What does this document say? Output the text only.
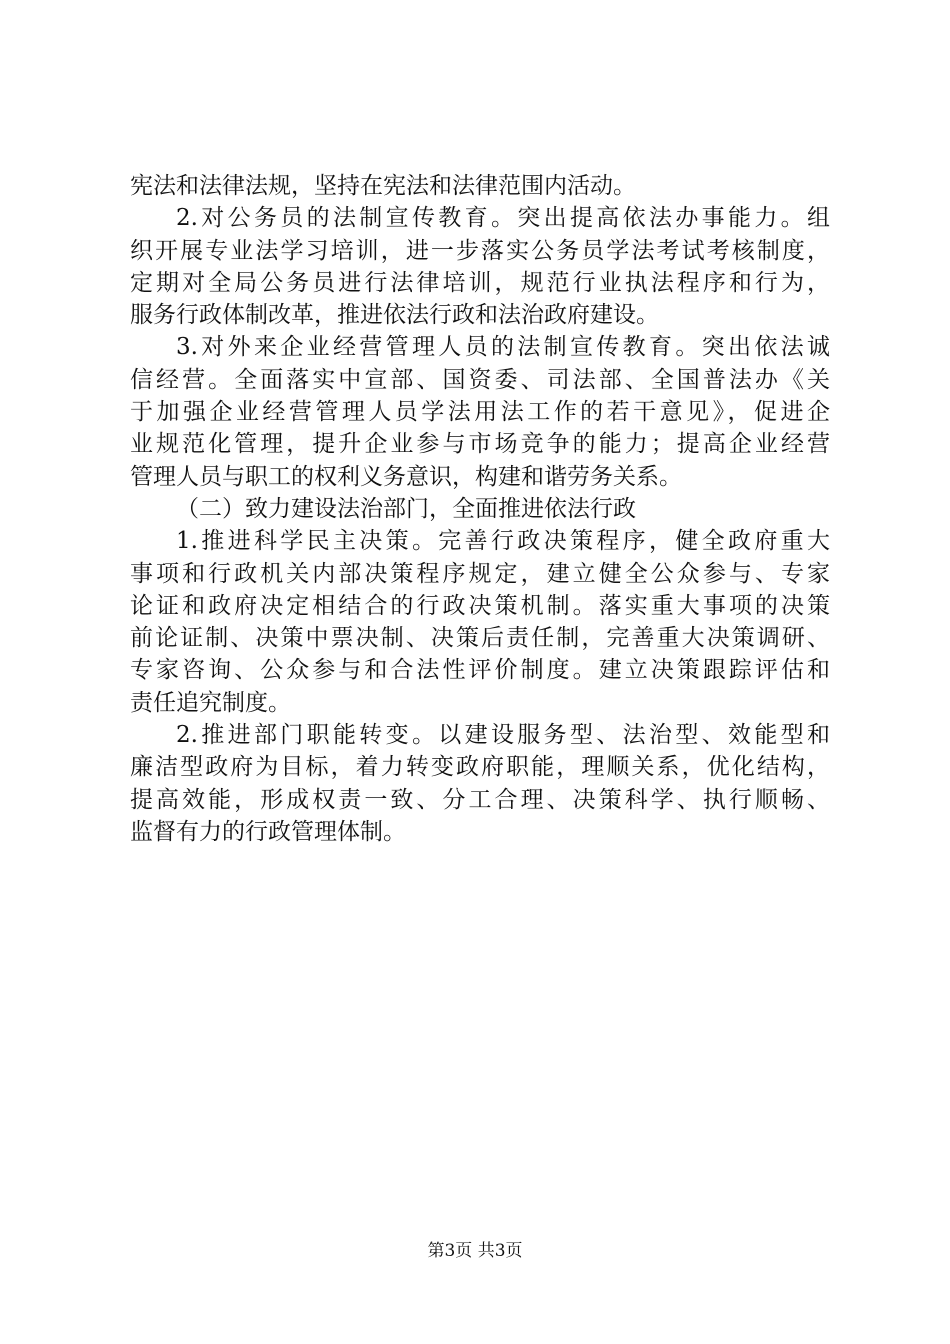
宪法和法律法规，坚持在宪法和法律范围内活动。
2.对公务员的法制宣传教育。突出提高依法办事能力。组
织开展专业法学习培训，进一步落实公务员学法考试考核制度，
定期对全局公务员进行法律培训，规范行业执法程序和行为，
服务行政体制改革，推进依法行政和法治政府建设。
3.对外来企业经营管理人员的法制宣传教育。突出依法诚
信经营。全面落实中宣部、国资委、司法部、全国普法办《关
于加强企业经营管理人员学法用法工作的若干意见》，促进企
业规范化管理，提升企业参与市场竞争的能力；提高企业经营
管理人员与职工的权利义务意识，构建和谐劳务关系。
（二）致力建设法治部门，全面推进依法行政
1.推进科学民主决策。完善行政决策程序，健全政府重大
事项和行政机关内部决策程序规定，建立健全公众参与、专家
论证和政府决定相结合的行政决策机制。落实重大事项的决策
前论证制、决策中票决制、决策后责任制，完善重大决策调研、
专家咨询、公众参与和合法性评价制度。建立决策跟踪评估和
责任追究制度。
2.推进部门职能转变。以建设服务型、法治型、效能型和
廉洁型政府为目标，着力转变政府职能，理顺关系，优化结构，
提高效能，形成权责一致、分工合理、决策科学、执行顺畅、
监督有力的行政管理体制。
第3页 共3页
